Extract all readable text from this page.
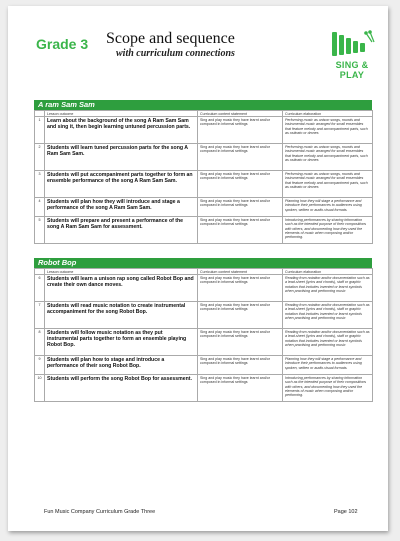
Grade 3 Scope and sequence
with curriculum connections
SING & PLAY
A ram Sam Sam
	Lesson outcome	Curriculum content statement	Curriculum elaboration
1	Learn about the background of the song A Ram Sam Sam and sing it, then begin learning untuned percussion parts.	Sing and play music they have learnt and/or composed in informal settings	Performing music as unison songs, rounds and instrumental music arranged for small ensembles that feature melody and accompaniment parts, such as ostinato or drones
2	Students will learn tuned percussion parts for the song A Ram Sam Sam.	Sing and play music they have learnt and/or composed in informal settings	Performing music as unison songs, rounds and instrumental music arranged for small ensembles that feature melody and accompaniment parts, such as ostinato or drones
3	Students will put accompaniment parts together to form an ensemble performance of the song A Ram Sam Sam.	Sing and play music they have learnt and/or composed in informal settings	Performing music as unison songs, rounds and instrumental music arranged for small ensembles that feature melody and accompaniment parts, such as ostinato or drones
4	Students will plan how they will introduce and stage a performance of the song A Ram Sam Sam.	Sing and play music they have learnt and/or composed in informal settings	Planning how they will stage a performance and introduce their performances to audiences using spoken, written or audio-visual formats.
5	Students will prepare and present a performance of the song A Ram Sam Sam for assessment.	Sing and play music they have learnt and/or composed in informal settings	Introducing performances by sharing information such as the intended purpose of their compositions with others, and documenting how they used the elements of music when composing and/or performing.
Robot Bop
	Lesson outcome	Curriculum content statement	Curriculum elaboration
6	Students will learn a unison rap song called Robot Bop and create their own dance moves.	Sing and play music they have learnt and/or composed in informal settings	Reading from notation and/or documentation such as a lead-sheet (lyrics and chords), staff or graphic notation that includes invented or learnt symbols when practising and performing music
7	Students will read music notation to create instrumental accompaniment for the song Robot Bop.	Sing and play music they have learnt and/or composed in informal settings	Reading from notation and/or documentation such as a lead-sheet (lyrics and chords), staff or graphic notation that includes invented or learnt symbols when practising and performing music
8	Students will follow music notation as they put instrumental parts together to form an ensemble playing Robot Bop.	Sing and play music they have learnt and/or composed in informal settings	Reading from notation and/or documentation such as a lead-sheet (lyrics and chords), staff or graphic notation that includes invented or learnt symbols when practising and performing music
9	Students will plan how to stage and introduce a performance of their song Robot Bop.	Sing and play music they have learnt and/or composed in informal settings	Planning how they will stage a performance and introduce their performances to audiences using spoken, written or audio-visual formats.
10	Students will perform the song Robot Bop for assessment.	Sing and play music they have learnt and/or composed in informal settings	Introducing performances by sharing information such as the intended purpose of their compositions with others, and documenting how they used the elements of music when composing and/or performing.
Fun Music Company Curriculum Grade Three	Page 102
